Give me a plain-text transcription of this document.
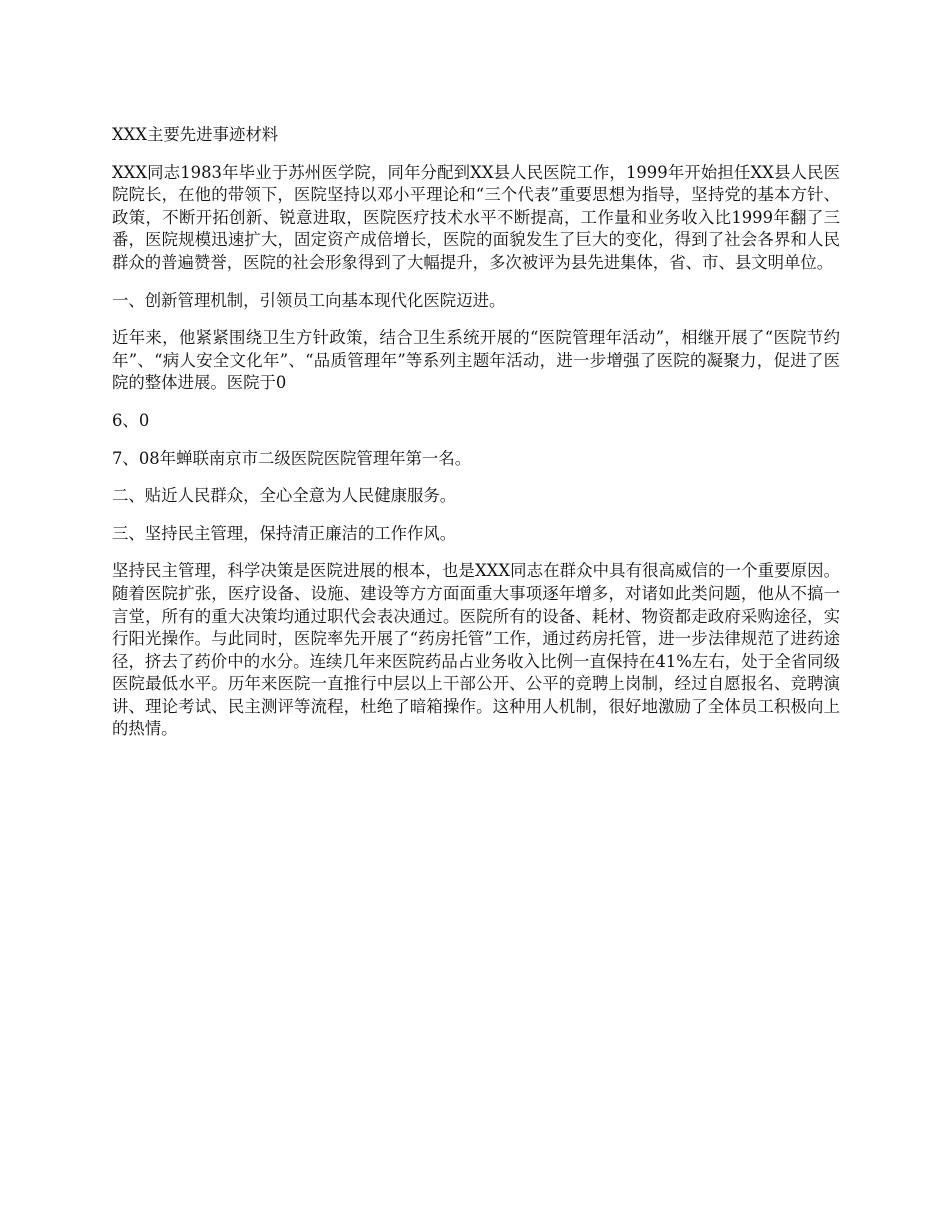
XXX主要先进事迹材料

XXX同志1983年毕业于苏州医学院，同年分配到XX县人民医院工作，1999年开始担任XX县人民医院院长，在他的带领下，医院坚持以邓小平理论和“三个代表”重要思想为指导，坚持党的基本方针、政策，不断开拓创新、锐意进取，医院医疗技术水平不断提高，工作量和业务收入比1999年翻了三番，医院规模迅速扩大，固定资产成倍增长，医院的面貌发生了巨大的变化，得到了社会各界和人民群众的普遍赞誉，医院的社会形象得到了大幅提升，多次被评为县先进集体，省、市、县文明单位。

一、创新管理机制，引领员工向基本现代化医院迈进。

近年来，他紧紧围绕卫生方针政策，结合卫生系统开展的“医院管理年活动”，相继开展了“医院节约年”、“病人安全文化年”、“品质管理年”等系列主题年活动，进一步增强了医院的凝聚力，促进了医院的整体进展。医院于0

6、0

7、08年蝉联南京市二级医院医院管理年第一名。

二、贴近人民群众，全心全意为人民健康服务。

三、坚持民主管理，保持清正廉洁的工作作风。

坚持民主管理，科学决策是医院进展的根本，也是XXX同志在群众中具有很高威信的一个重要原因。随着医院扩张，医疗设备、设施、建设等方方面面重大事项逐年增多，对诸如此类问题，他从不搞一言堂，所有的重大决策均通过职代会表决通过。医院所有的设备、耗材、物资都走政府采购途径，实行阳光操作。与此同时，医院率先开展了“药房托管”工作，通过药房托管，进一步法律规范了进药途径，挤去了药价中的水分。连续几年来医院药品占业务收入比例一直保持在41%左右，处于全省同级医院最低水平。历年来医院一直推行中层以上干部公开、公平的竞聘上岗制，经过自愿报名、竞聘演讲、理论考试、民主测评等流程，杜绝了暗箱操作。这种用人机制，很好地激励了全体员工积极向上的热情。
